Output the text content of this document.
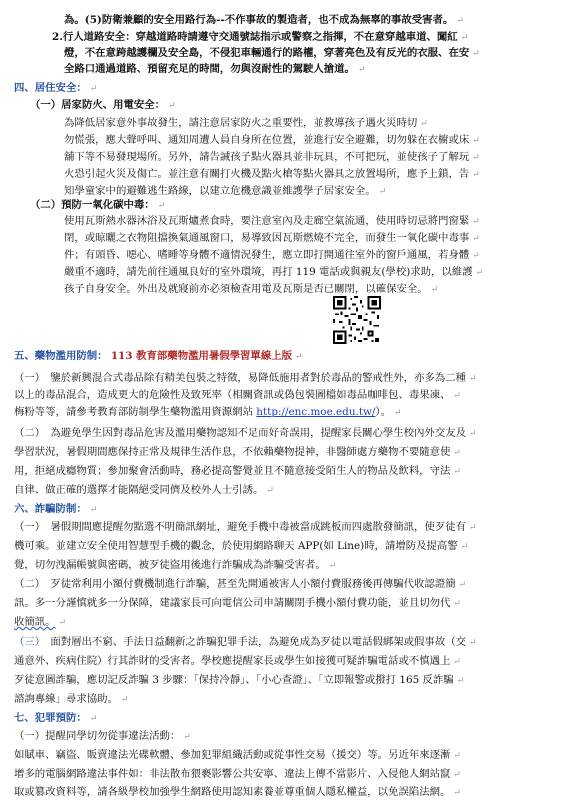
為。(5)防衛兼顧的安全用路行為--不作事故的製造者，也不成為無辜的事故受害者。 ↵
2.行人道路安全：穿越道路時請遵守交通號誌指示或警察之指揮，不在意穿越車道、闖紅 ↵
燈，不在意跨越護欄及安全島，不侵犯車輛通行的路權，穿著亮色及有反光的衣服、在安 ↵
全路口通過道路、預留充足的時間，勿與沒耐性的駕駛人搶道。 ↵
四、居住安全： ↵
（一）居家防火、用電安全： ↵
為降低居家意外事故發生，請注意居家防火之重要性，並教導孩子遇火災時切 ↵
勿慌張，應大聲呼叫、通知周遭人員自身所在位置，並進行安全避難，切勿躲在衣櫥或床 ↵
舖下等不易發現場所。另外，請告誡孩子點火器具並非玩具，不可把玩，並使孩子了解玩 ↵
火恐引起火災及傷亡。並注意有關打火機及點火槍等點火器具之放置場所，應予上鎖，告 ↵
知學童家中的避難逃生路線，以建立危機意識並維護學子居家安全。 ↵
（二）預防一氧化碳中毒： ↵
使用瓦斯熱水器沐浴及瓦斯爐煮食時，要注意室內及走廊空氣流通，使用時切忌將門窗緊 ↵
閉，或晾曬之衣物阻擋換氣通風窗口，易導致因瓦斯燃燒不完全，而發生一氧化碳中毒事 ↵
件；有頭昏、噁心、嗜睡等身體不適情況發生，應立即打開通往室外的窗戶通風，若身體 ↵
嚴重不適時，請先前往通風良好的室外環境，再打 119 電話或與親友(學校)求助，以維護 ↵
孩子自身安全。外出及就寢前亦必須檢查用電及瓦斯是否已關閉，以確保安全。 ↵
五、藥物濫用防制： 113 教育部藥物濫用暑假學習單線上版 ↵
（一）　 鑒於新興混合式毒品除有精美包裝之特徵，易降低施用者對於毒品的警戒性外，亦多為二種 ↵
以上的毒品混合，造成更大的危險性及致死率（相關資訊或偽包裝圖檔如毒品咖啡包、毒果凍、 ↵
梅粉等等，請參考教育部防制學生藥物濫用資源網站 http://enc.moe.edu.tw/）。 ↵
（二）　 為避免學生因對毒品危害及濫用藥物認知不足而好奇誤用，提醒家長關心學生校內外交友及 ↵
學習狀況，暑假期間應保持正常及規律生活作息，不依賴藥物提神，非醫師處方藥物不要隨意使 ↵
用，拒絕成癮物質；參加聚會活動時，務必提高警覺並且不隨意接受陌生人的物品及飲料，守法 ↵
自律、做正確的選擇才能隔絕受同儕及校外人士引誘。 ↵
六、詐騙防制： ↵
（一）　 暑假期間應提醒勿點選不明簡訊網址，避免手機中毒被當成跳板而四處散發簡訊，使歹徒有 ↵
機可乘。並建立安全使用智慧型手機的觀念，於使用網路聊天 APP(如 Line)時，請增防及提高警 ↵
覺，切勿洩漏帳號與密碼，被歹徒盜用後進行詐騙成為詐騙受害者。 ↵
（二）　 歹徒常利用小額付費機制進行詐騙，甚至先開通被害人小額付費服務後再傳騙代收認證簡 ↵
訊。多一分謹慎就多一分保障，建議家長可向電信公司申請關閉手機小額付費功能，並且切勿代 ↵
收簡訊。 ↵
（三）　 面對層出不窮、手法日益翻新之詐騙犯罪手法，為避免成為歹徒以電話假綁架或假事故（交 ↵
通意外、疾病住院）行其詐財的受害者。學校應提醒家長或學生如接獲可疑詐騙電話或不慎遇上 ↵
歹徒意圖詐騙，應切記反詐騙 3 步驟：「保持冷靜」、「小心查證」、「立即報警或撥打 165 反詐騙 ↵
諮詢專線」尋求協助。 ↵
七、犯罪預防： ↵
（一）提醒同學切勿從事違法活動： ↵
如賦車、竊盜、販賣違法光碟軟體、參加犯罪組織活動或從事性交易（援交）等。另近年來逐漸 ↵
增多的電腦網路違法事件如：非法散布猥褻影響公共安寧、違法上傳不當影片、入侵他人網站竄 ↵
取或篡改資料等，請各級學校加強學生網路使用認知素養並尊重個人隱私權益，以免誤陷法網。 ↵
